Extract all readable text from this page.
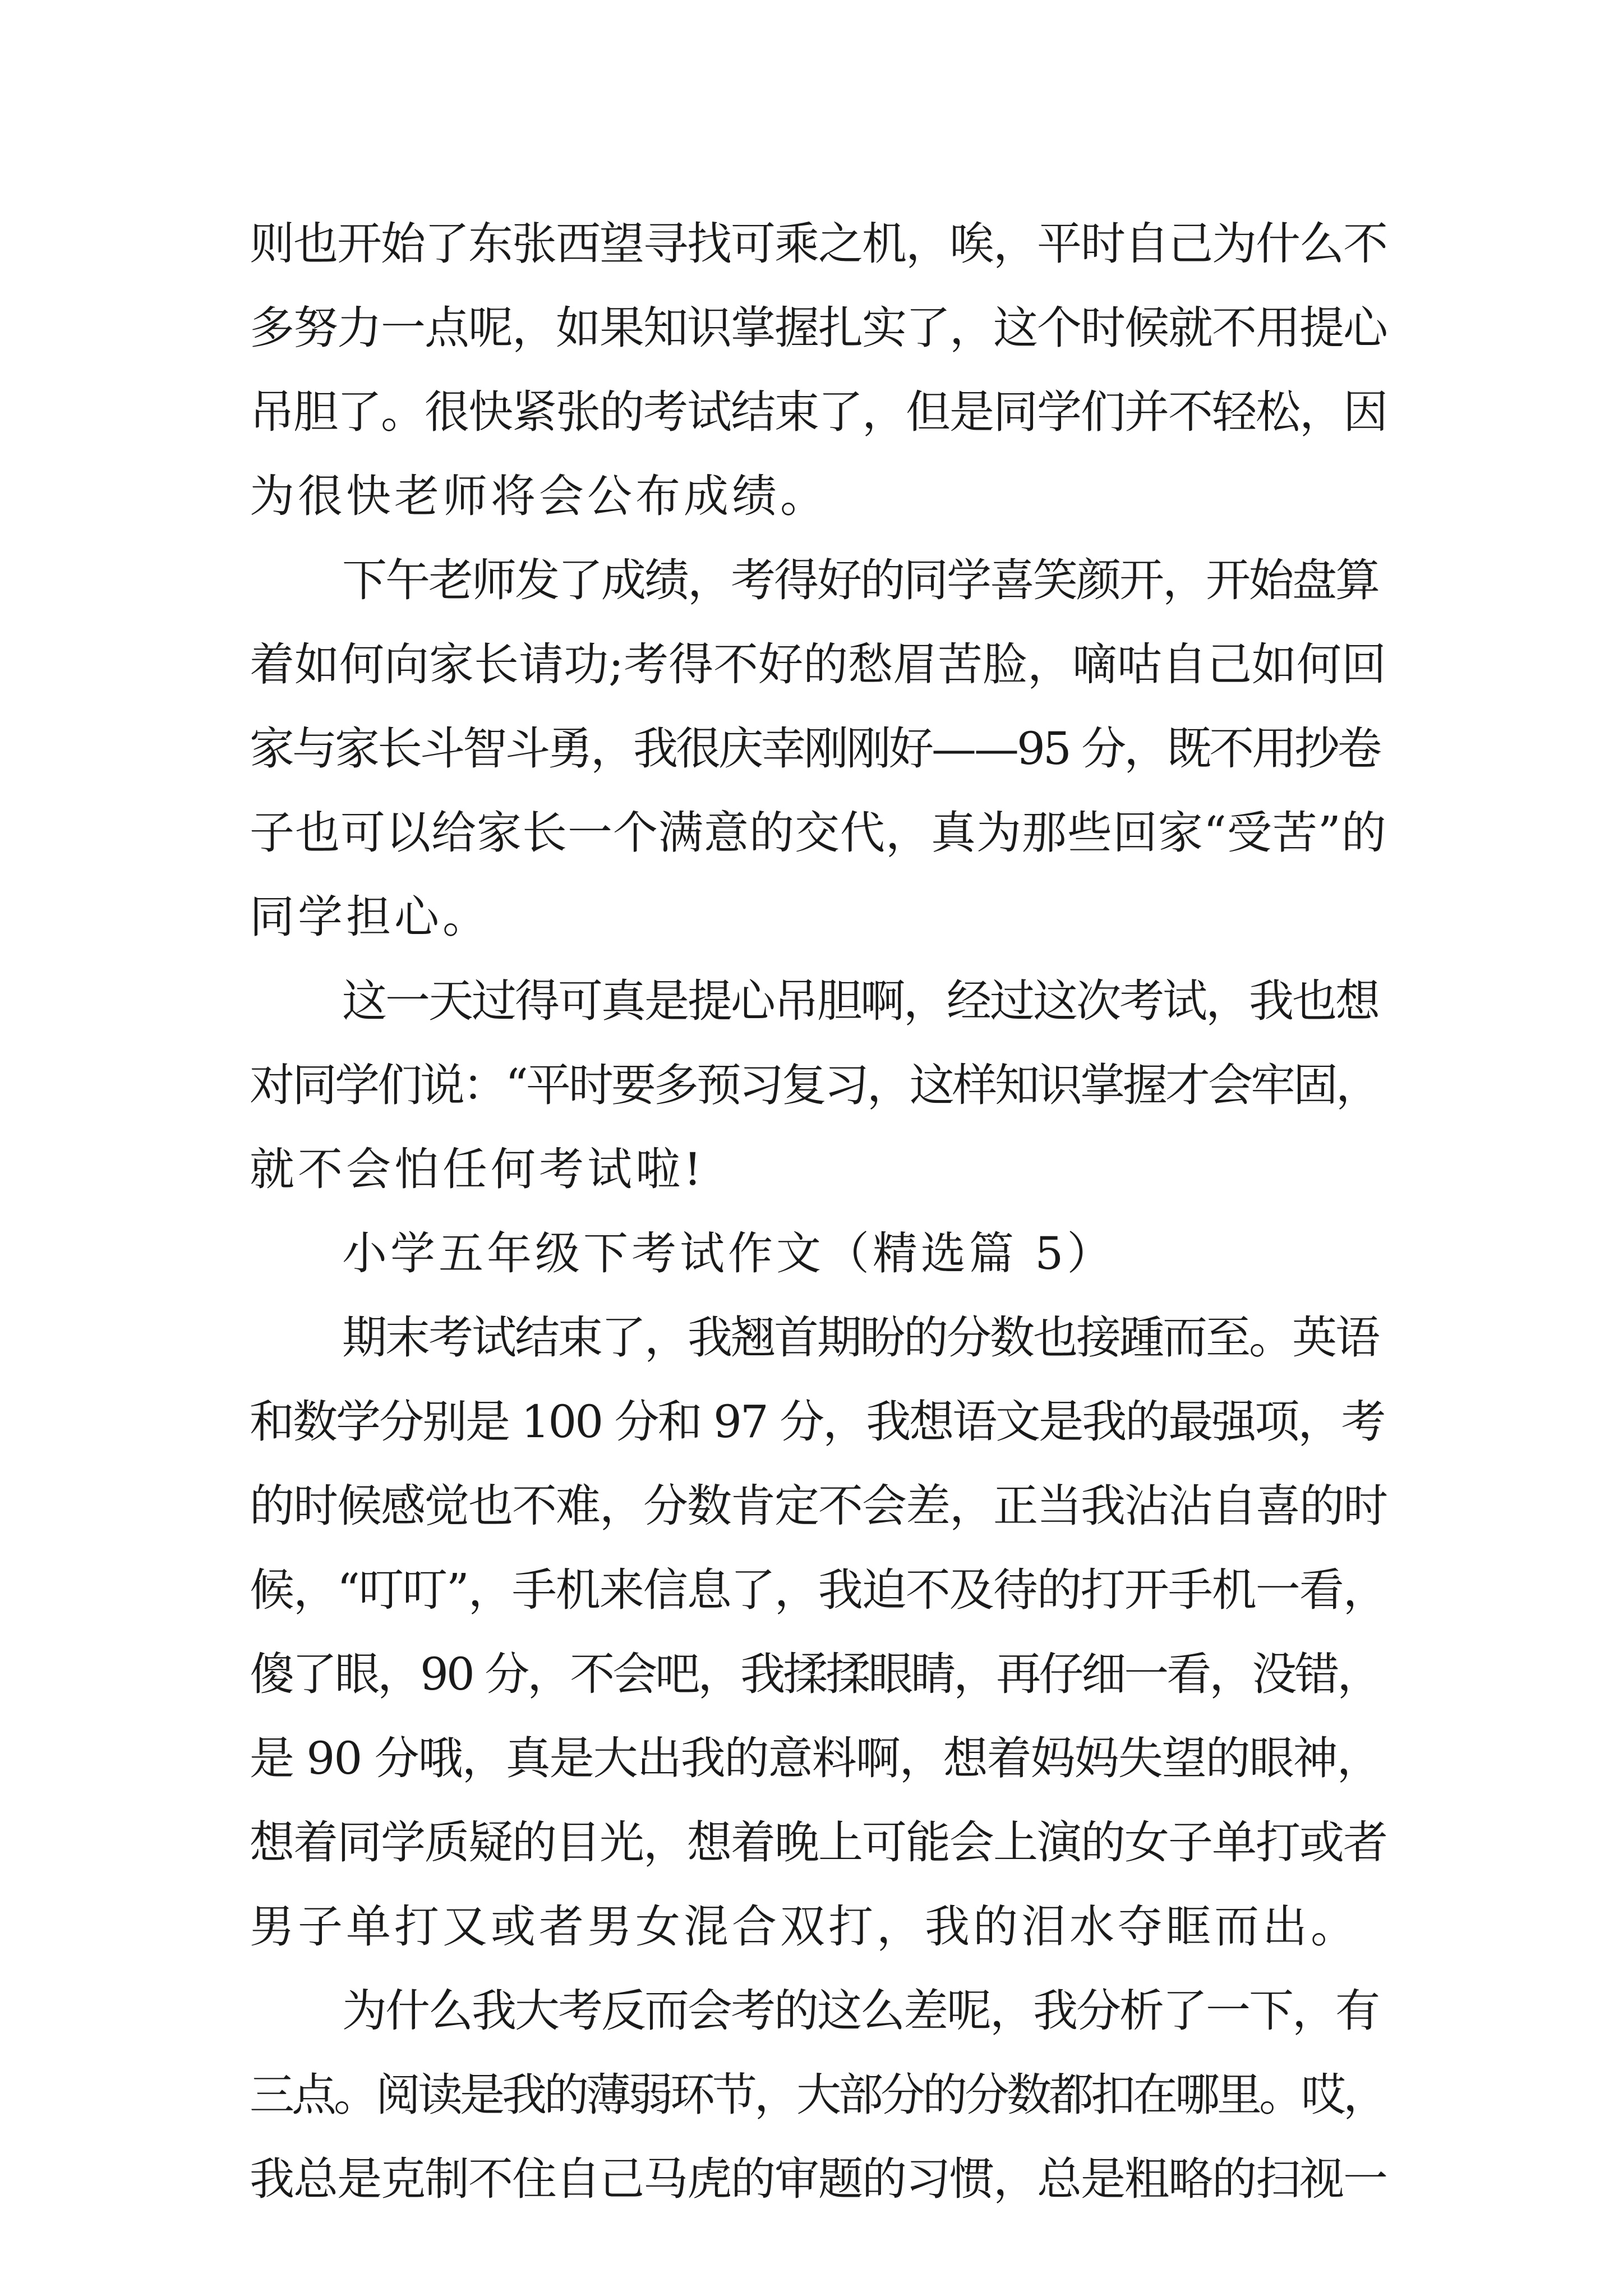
则也开始了东张西望寻找可乘之机，唉，平时自己为什么不
多努力一点呢，如果知识掌握扎实了，这个时候就不用提心
吊胆了。很快紧张的考试结束了，但是同学们并不轻松，因
为很快老师将会公布成绩。
下午老师发了成绩，考得好的同学喜笑颜开，开始盘算
着如何向家长请功;考得不好的愁眉苦脸，嘀咕自己如何回
家与家长斗智斗勇，我很庆幸刚刚好——95 分，既不用抄卷
子也可以给家长一个满意的交代，真为那些回家“受苦”的
同学担心。
这一天过得可真是提心吊胆啊，经过这次考试，我也想
对同学们说：“平时要多预习复习，这样知识掌握才会牢固，
就不会怕任何考试啦!
小学五年级下考试作文（精选篇 5）
期末考试结束了，我翘首期盼的分数也接踵而至。英语
和数学分别是 100 分和 97 分，我想语文是我的最强项，考
的时候感觉也不难，分数肯定不会差，正当我沾沾自喜的时
候，“叮叮”，手机来信息了，我迫不及待的打开手机一看，
傻了眼，90 分，不会吧，我揉揉眼睛，再仔细一看，没错，
是 90 分哦，真是大出我的意料啊，想着妈妈失望的眼神，
想着同学质疑的目光，想着晚上可能会上演的女子单打或者
男子单打又或者男女混合双打，我的泪水夺眶而出。
为什么我大考反而会考的这么差呢，我分析了一下，有
三点。阅读是我的薄弱环节，大部分的分数都扣在哪里。哎，
我总是克制不住自己马虎的审题的习惯，总是粗略的扫视一
